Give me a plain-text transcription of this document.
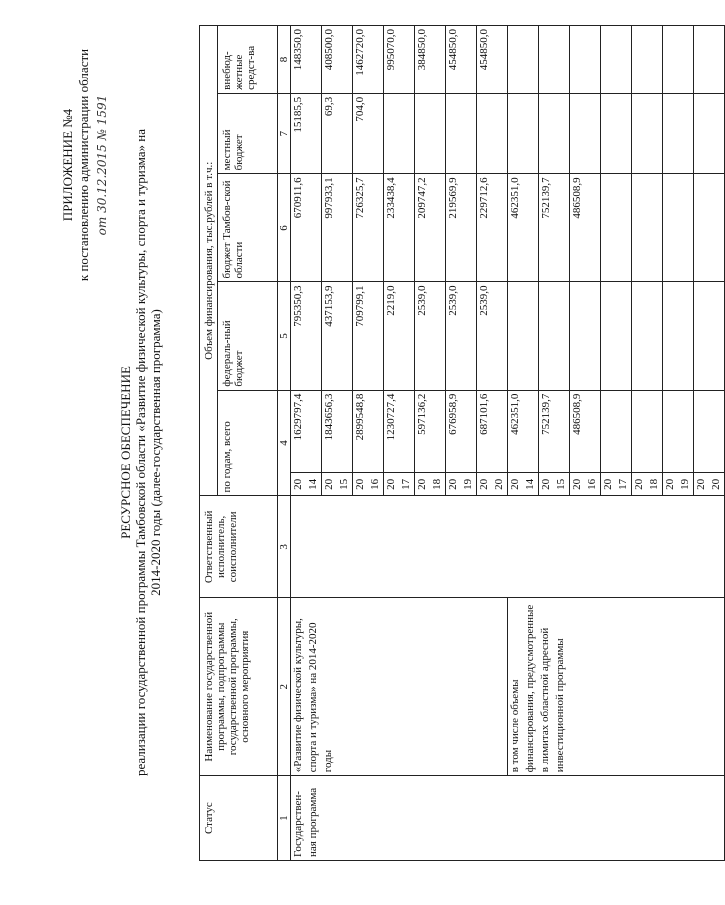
ПРИЛОЖЕНИЕ №4 к постановлению администрации области от 30.12.2015 № 1591
РЕСУРСНОЕ ОБЕСПЕЧЕНИЕ реализации государственной программы Тамбовской области «Развитие физической культуры, спорта и туризма» на 2014-2020 годы (далее-государственная программа)
Статус	Наименование государственной программы, подпрограммы государственной программы, основного мероприятия	Ответственный исполнитель, соисполнители	Объем финансирования, тыс.рублей в т.ч.:					
			по годам, всего		федераль-ный бюджет	бюджет Тамбов-ской области	местный бюджет	внебюд-жетные средст-ва
1	2	3	4		5	6	7	8
Государствен-ная программа	«Развитие физической культуры, спорта и туризма» на 2014-2020 годы		2014	1629797,4	795350,3	670911,6	15185,5	148350,0
			2015	1843656,3	437153,9	997933,1	69,3	408500,0
			2016	2899548,8	709799,1	726325,7	704,0	1462720,0
			2017	1230727,4	2219,0	233438,4		995070,0
			2018	597136,2	2539,0	209747,2		384850,0
			2019	676958,9	2539,0	219569,9		454850,0
			2020	687101,6	2539,0	229712,6		454850,0
	в том числе объемы финансирования, предусмотренные в лимитах областной адресной инвестиционной программы		2014	462351,0		462351,0		
			2015	752139,7		752139,7		
			2016	486508,9		486508,9		
			2017					
			2018					
			2019					
			2020					
